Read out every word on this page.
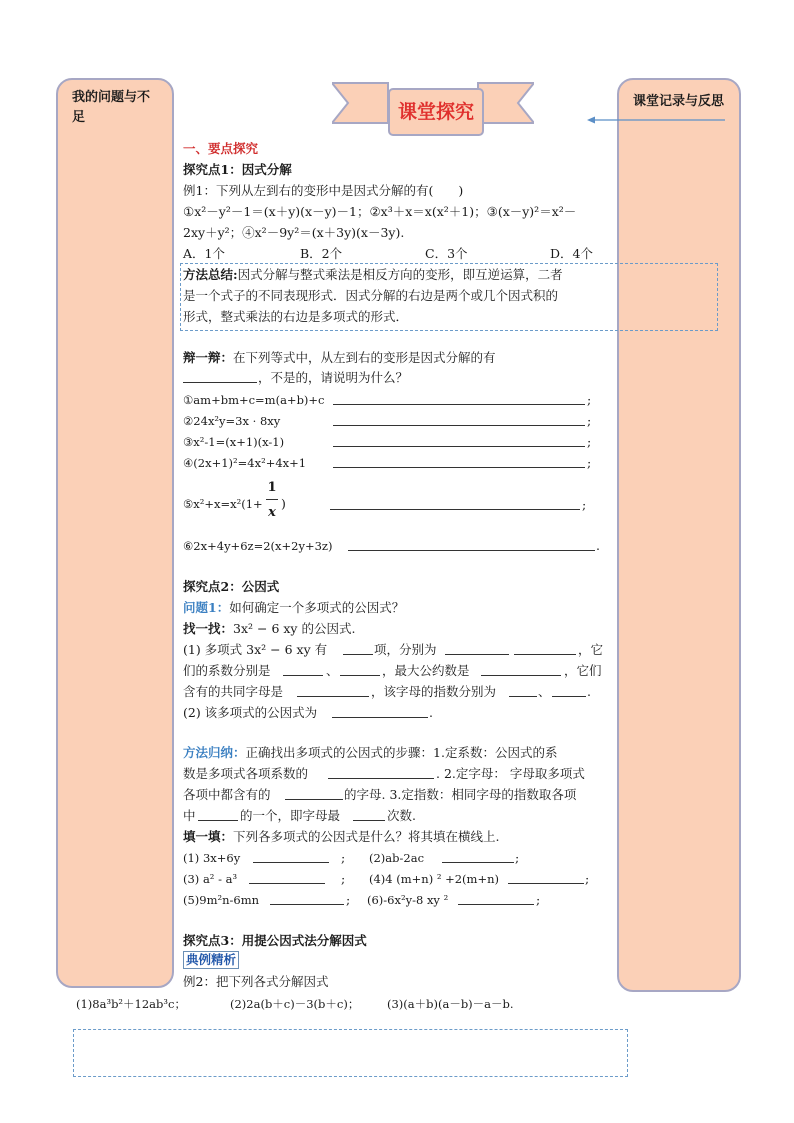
我的问题与不足
课堂记录与反思
课堂探究
一、要点探究
探究点1：因式分解
例1：下列从左到右的变形中是因式分解的有(　　)
①x²－y²－1＝(x＋y)(x－y)－1；②x³＋x＝x(x²＋1)；③(x－y)²＝x²－
2xy＋y²；④x²－9y²＝(x＋3y)(x－3y).
A．1个	B．2个	C．3个	D．4个
方法总结:因式分解与整式乘法是相反方向的变形，即互逆运算，二者
是一个式子的不同表现形式．因式分解的右边是两个或几个因式积的
形式，整式乘法的右边是多项式的形式．
辩一辩：在下列等式中，从左到右的变形是因式分解的有
，不是的，请说明为什么？
①am+bm+c=m(a+b)+c	;
②24x²y=3x · 8xy	;
③x²-1=(x+1)(x-1)	;
④(2x+1)²=4x²+4x+1	;
⑤x²+x=x²(1+
1
x
)	;
⑥2x+4y+6z=2(x+2y+3z)	.
探究点2：公因式
问题1：如何确定一个多项式的公因式？
找一找：3x² − 6 xy 的公因式.
(1) 多项式 3x² − 6 xy 有	项，分别为	，它
们的系数分别是	、	，最大公约数是	，它们
含有的共同字母是	，该字母的指数分别为	、	.
(2) 该多项式的公因式为	.
方法归纳：正确找出多项式的公因式的步骤：1.定系数：公因式的系
数是多项式各项系数的	. 2.定字母： 字母取多项式
各项中都含有的	的字母. 3.定指数：相同字母的指数取各项
中	的一个，即字母最	次数.
填一填：下列各多项式的公因式是什么？将其填在横线上.
(1) 3x+6y	; (2)ab-2ac	;
(3) a² - a³	; (4)4 (m+n) ² +2(m+n)	;
(5)9m²n-6mn	; (6)-6x²y-8 xy ²	;
探究点3：用提公因式法分解因式
典例精析
例2：把下列各式分解因式
(1)8a³b²＋12ab³c；	(2)2a(b＋c)－3(b＋c)； (3)(a＋b)(a－b)－a－b.
